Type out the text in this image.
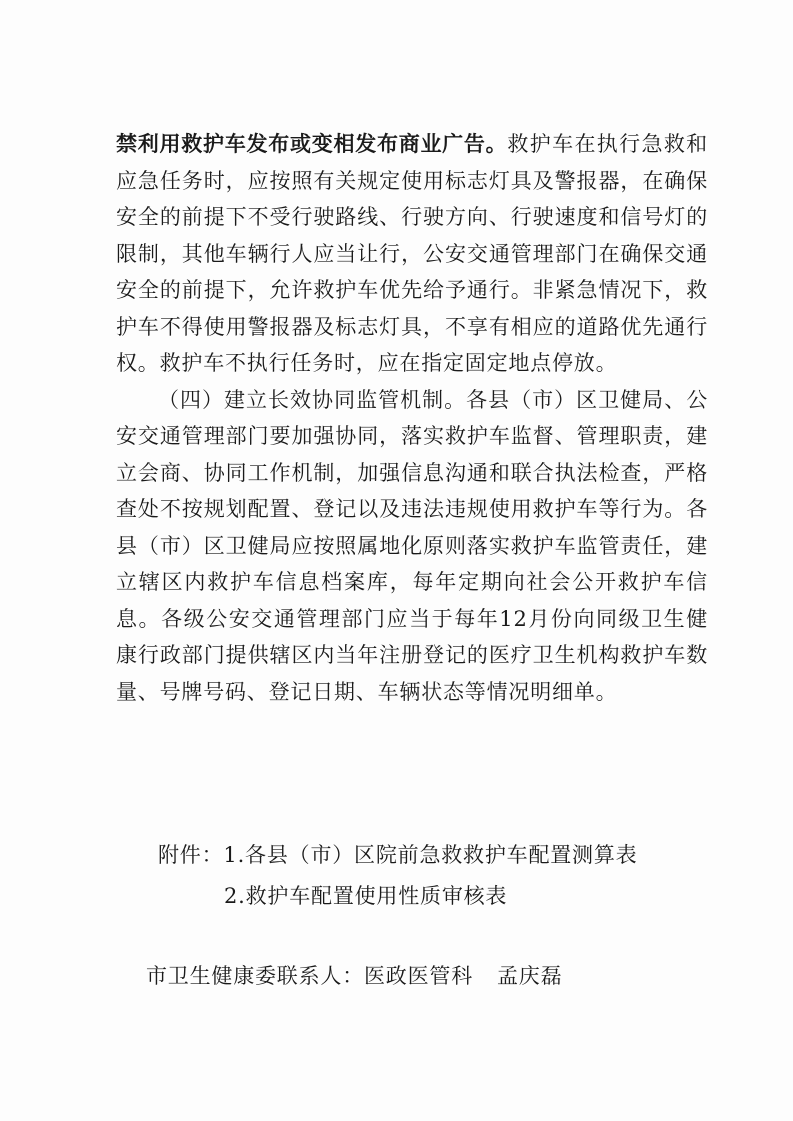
禁利用救护车发布或变相发布商业广告。救护车在执行急救和应急任务时，应按照有关规定使用标志灯具及警报器，在确保安全的前提下不受行驶路线、行驶方向、行驶速度和信号灯的限制，其他车辆行人应当让行，公安交通管理部门在确保交通安全的前提下，允许救护车优先给予通行。非紧急情况下，救护车不得使用警报器及标志灯具，不享有相应的道路优先通行权。救护车不执行任务时，应在指定固定地点停放。

（四）建立长效协同监管机制。各县（市）区卫健局、公安交通管理部门要加强协同，落实救护车监督、管理职责，建立会商、协同工作机制，加强信息沟通和联合执法检查，严格查处不按规划配置、登记以及违法违规使用救护车等行为。各县（市）区卫健局应按照属地化原则落实救护车监管责任，建立辖区内救护车信息档案库，每年定期向社会公开救护车信息。各级公安交通管理部门应当于每年12月份向同级卫生健康行政部门提供辖区内当年注册登记的医疗卫生机构救护车数量、号牌号码、登记日期、车辆状态等情况明细单。

附件：1.各县（市）区院前急救救护车配置测算表
2.救护车配置使用性质审核表
市卫生健康委联系人：医政医管科 孟庆磊
